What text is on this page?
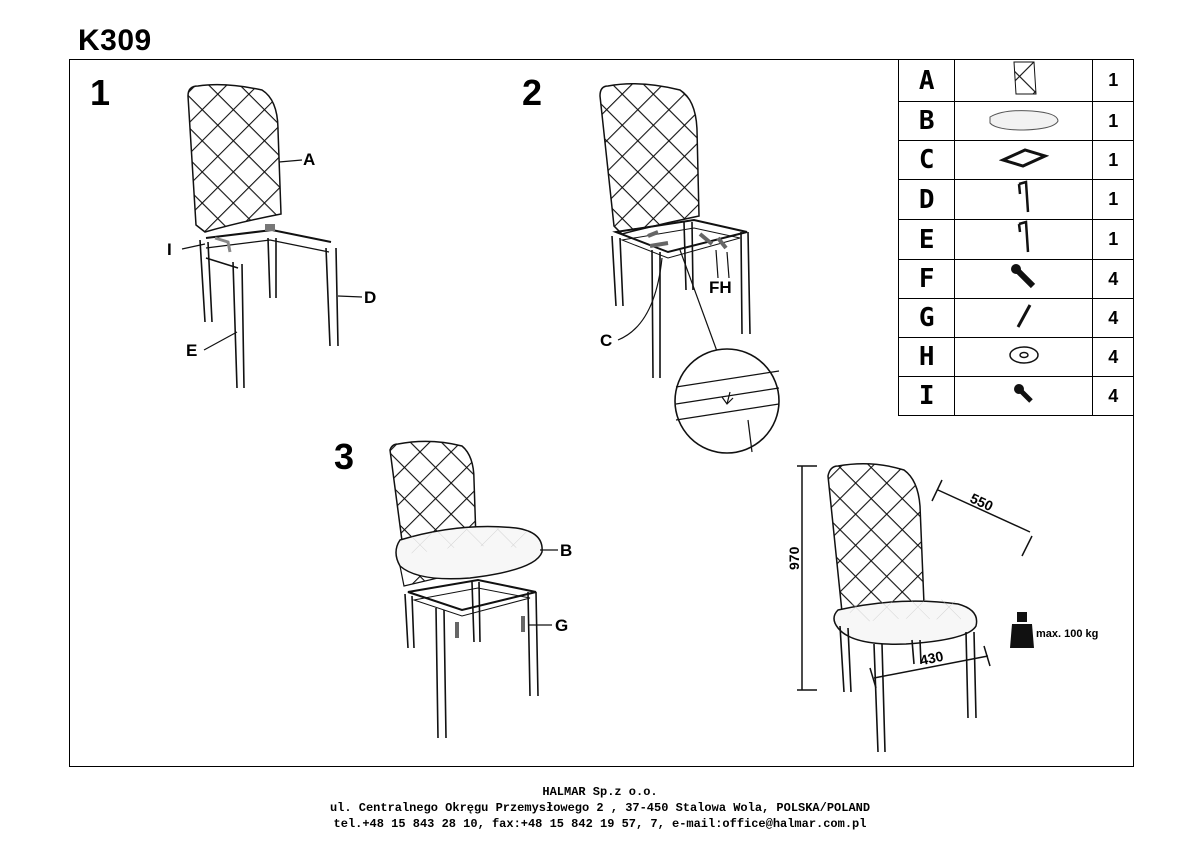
K309
1	2
3
A
I
D
E
FH
C
B
G
970
550
430
max. 100 kg
A		1
B		1
C		1
D		1
E		1
F		4
G		4
H		4
I		4
HALMAR Sp.z o.o.
ul. Centralnego Okręgu Przemysłowego 2 , 37-450 Stalowa Wola, POLSKA/POLAND
tel.+48 15 843 28 10, fax:+48 15 842 19 57, 7, e-mail:office@halmar.com.pl
